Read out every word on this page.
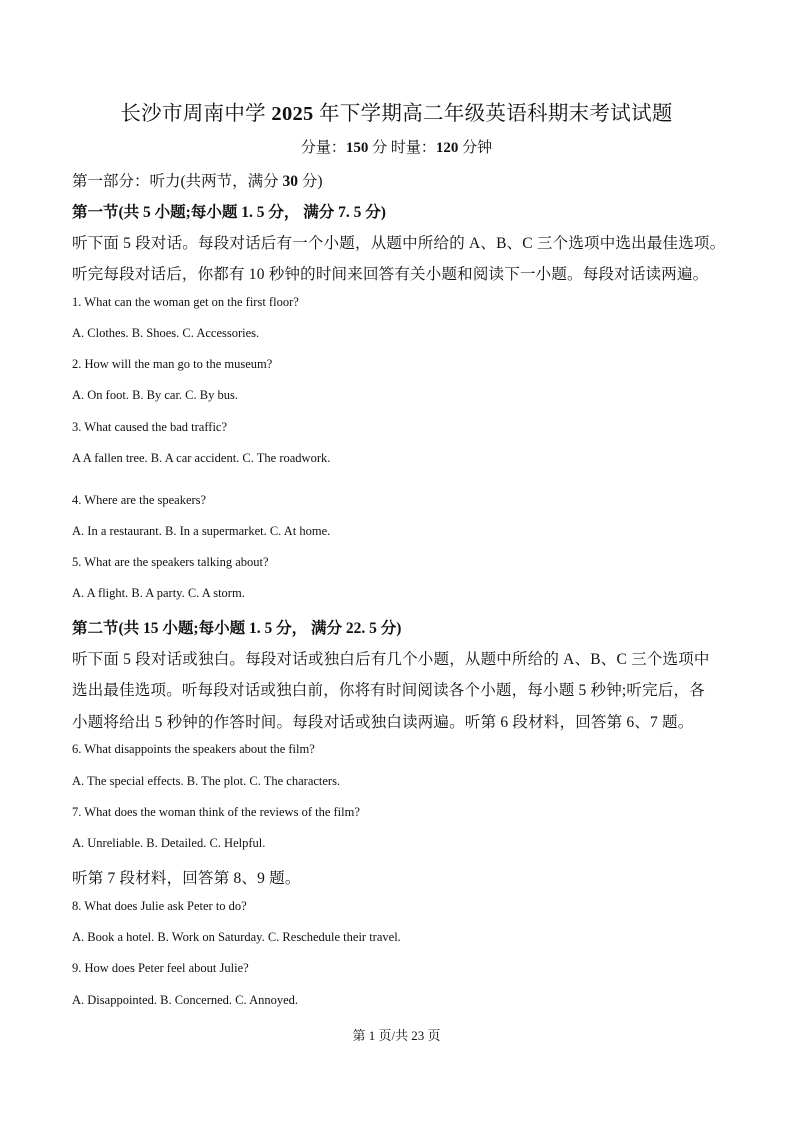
长沙市周南中学 2025 年下学期高二年级英语科期末考试试题
分量：150 分 时量：120 分钟
第一部分：听力(共两节，满分 30 分)
第一节(共 5 小题;每小题 1. 5 分， 满分 7. 5 分)
听下面 5 段对话。每段对话后有一个小题，从题中所给的 A、B、C 三个选项中选出最佳选项。
听完每段对话后，你都有 10 秒钟的时间来回答有关小题和阅读下一小题。每段对话读两遍。
1. What can the woman get on the first floor?
A. Clothes. B. Shoes. C. Accessories.
2. How will the man go to the museum?
A. On foot. B. By car. C. By bus.
3. What caused the bad traffic?
A A fallen tree. B. A car accident. C. The roadwork.
4. Where are the speakers?
A. In a restaurant. B. In a supermarket. C. At home.
5. What are the speakers talking about?
A. A flight. B. A party. C. A storm.
第二节(共 15 小题;每小题 1. 5 分， 满分 22. 5 分)
听下面 5 段对话或独白。每段对话或独白后有几个小题，从题中所给的 A、B、C 三个选项中
选出最佳选项。听每段对话或独白前，你将有时间阅读各个小题，每小题 5 秒钟;听完后，各
小题将给出 5 秒钟的作答时间。每段对话或独白读两遍。听第 6 段材料，回答第 6、7 题。
6. What disappoints the speakers about the film?
A. The special effects. B. The plot. C. The characters.
7. What does the woman think of the reviews of the film?
A. Unreliable. B. Detailed. C. Helpful.
听第 7 段材料，回答第 8、9 题。
8. What does Julie ask Peter to do?
A. Book a hotel. B. Work on Saturday. C. Reschedule their travel.
9. How does Peter feel about Julie?
A. Disappointed. B. Concerned. C. Annoyed.
第 1 页/共 23 页
